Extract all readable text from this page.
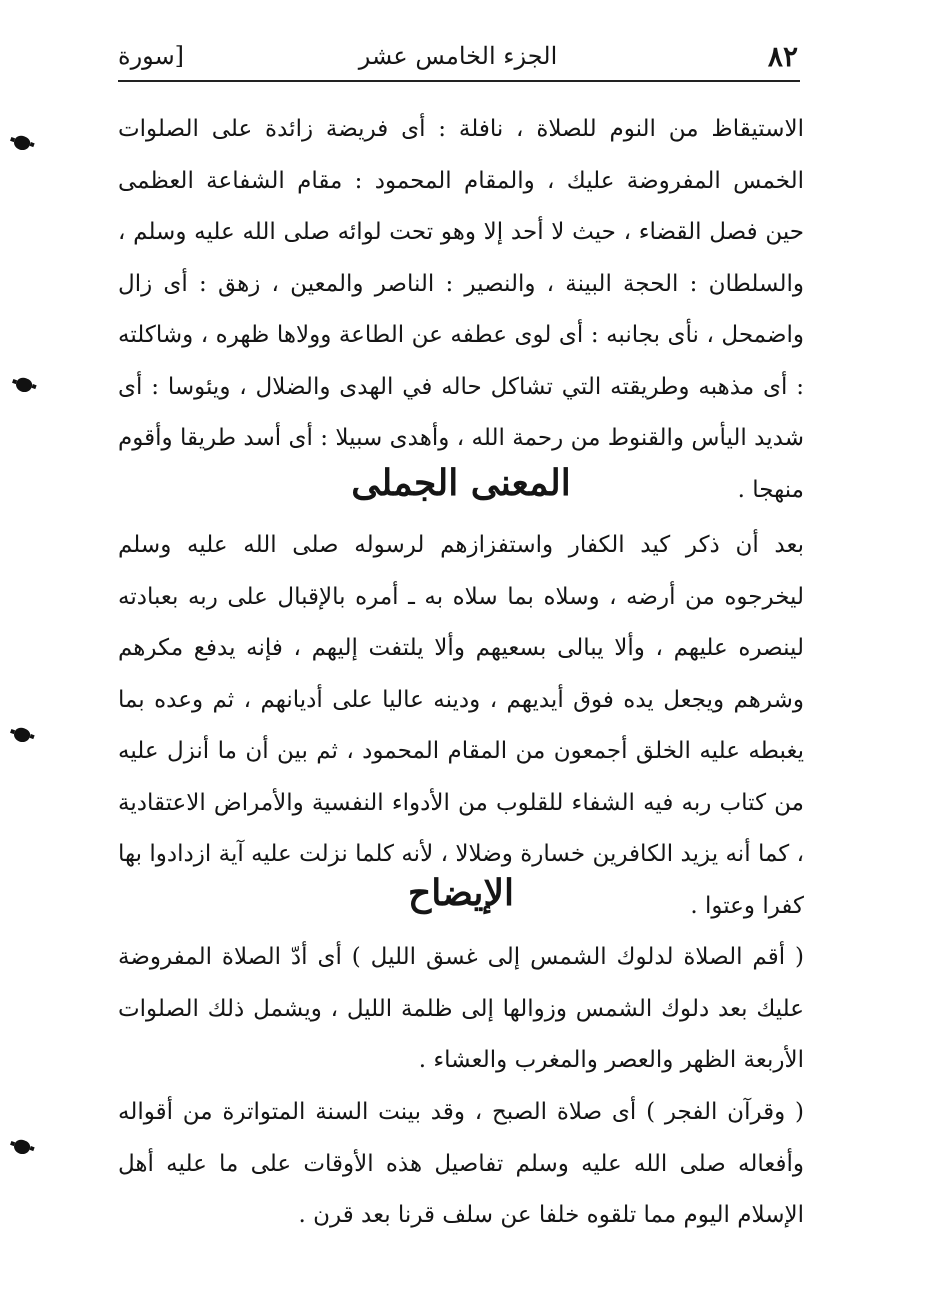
٨٢
الجزء الخامس عشر
[سورة

الاستيقاظ من النوم للصلاة ، نافلة : أى فريضة زائدة على الصلوات الخمس المفروضة عليك ، والمقام المحمود : مقام الشفاعة العظمى حين فصل القضاء ، حيث لا أحد إلا وهو تحت لوائه صلى الله عليه وسلم ، والسلطان : الحجة البينة ، والنصير : الناصر والمعين ، زهق : أى زال واضمحل ، نأى بجانبه : أى لوى عطفه عن الطاعة وولاها ظهره ، وشاكلته : أى مذهبه وطريقته التي تشاكل حاله في الهدى والضلال ، ويئوسا : أى شديد اليأس والقنوط من رحمة الله ، وأهدى سبيلا : أى أسد طريقا وأقوم منهجا .

المعنى الجملى

بعد أن ذكر كيد الكفار واستفزازهم لرسوله صلى الله عليه وسلم ليخرجوه من أرضه ، وسلاه بما سلاه به ـ أمره بالإقبال على ربه بعبادته لينصره عليهم ، وألا يبالى بسعيهم وألا يلتفت إليهم ، فإنه يدفع مكرهم وشرهم ويجعل يده فوق أيديهم ، ودينه عاليا على أديانهم ، ثم وعده بما يغبطه عليه الخلق أجمعون من المقام المحمود ، ثم بين أن ما أنزل عليه من كتاب ربه فيه الشفاء للقلوب من الأدواء النفسية والأمراض الاعتقادية ، كما أنه يزيد الكافرين خسارة وضلالا ، لأنه كلما نزلت عليه آية ازدادوا بها كفرا وعتوا .

الإيضاح

( أقم الصلاة لدلوك الشمس إلى غسق الليل ) أى أدّ الصلاة المفروضة عليك بعد دلوك الشمس وزوالها إلى ظلمة الليل ، ويشمل ذلك الصلوات الأربعة الظهر والعصر والمغرب والعشاء .

( وقرآن الفجر ) أى صلاة الصبح ، وقد بينت السنة المتواترة من أقواله وأفعاله صلى الله عليه وسلم تفاصيل هذه الأوقات على ما عليه أهل الإسلام اليوم مما تلقوه خلفا عن سلف قرنا بعد قرن .
